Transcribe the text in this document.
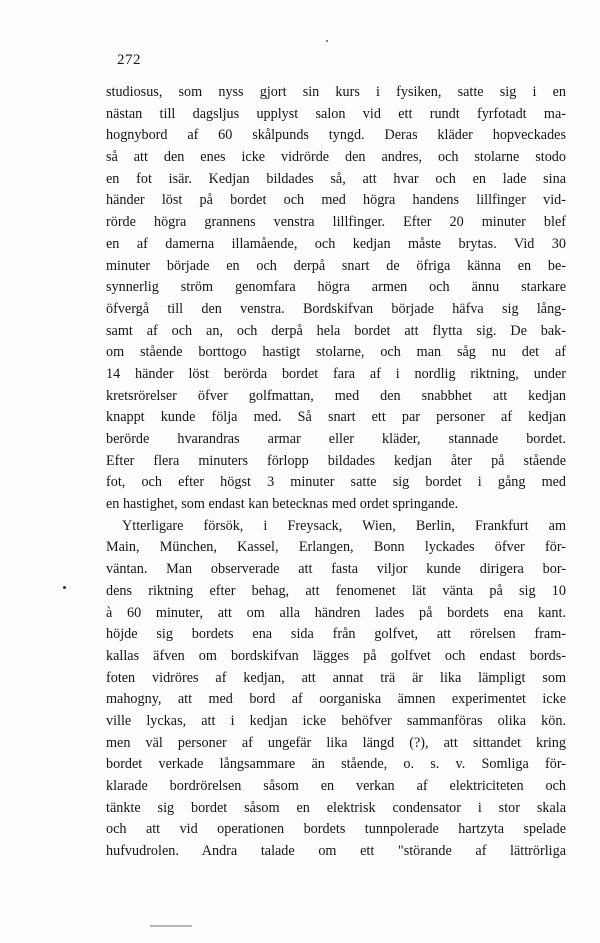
272
studiosus, som nyss gjort sin kurs i fysiken, satte sig i en
nästan till dagsljus upplyst salon vid ett rundt fyrfotadt ma-
hognybord af 60 skålpunds tyngd. Deras kläder hopveckades
så att den enes icke vidrörde den andres, och stolarne stodo
en fot isär. Kedjan bildades så, att hvar och en lade sina
händer löst på bordet och med högra handens lillfinger vid-
rörde högra grannens venstra lillfinger. Efter 20 minuter blef
en af damerna illamående, och kedjan måste brytas. Vid 30
minuter började en och derpå snart de öfriga känna en be-
synnerlig ström genomfara högra armen och ännu starkare
öfvergå till den venstra. Bordskifvan började häfva sig lång-
samt af och an, och derpå hela bordet att flytta sig. De bak-
om stående borttogo hastigt stolarne, och man såg nu det af
14 händer löst berörda bordet fara af i nordlig riktning, under
kretsrörelser öfver golfmattan, med den snabbhet att kedjan
knappt kunde följa med. Så snart ett par personer af kedjan
berörde hvarandras armar eller kläder, stannade bordet.
Efter flera minuters förlopp bildades kedjan åter på stående
fot, och efter högst 3 minuter satte sig bordet i gång med
en hastighet, som endast kan betecknas med ordet springande.
Ytterligare försök, i Freysack, Wien, Berlin, Frankfurt am
Main, München, Kassel, Erlangen, Bonn lyckades öfver för-
väntan. Man observerade att fasta viljor kunde dirigera bor-
dens riktning efter behag, att fenomenet lät vänta på sig 10
à 60 minuter, att om alla händren lades på bordets ena kant.
höjde sig bordets ena sida från golfvet, att rörelsen fram-
kallas äfven om bordskifvan lägges på golfvet och endast bords-
foten vidröres af kedjan, att annat trä är lika lämpligt som
mahogny, att med bord af oorganiska ämnen experimentet icke
ville lyckas, att i kedjan icke behöfver sammanföras olika kön.
men väl personer af ungefär lika längd (?), att sittandet kring
bordet verkade långsammare än stående, o. s. v. Somliga för-
klarade bordrörelsen såsom en verkan af elektriciteten och
tänkte sig bordet såsom en elektrisk condensator i stor skala
och att vid operationen bordets tunnpolerade hartzyta spelade
hufvudrolen. Andra talade om ett "störande af lättrörliga
